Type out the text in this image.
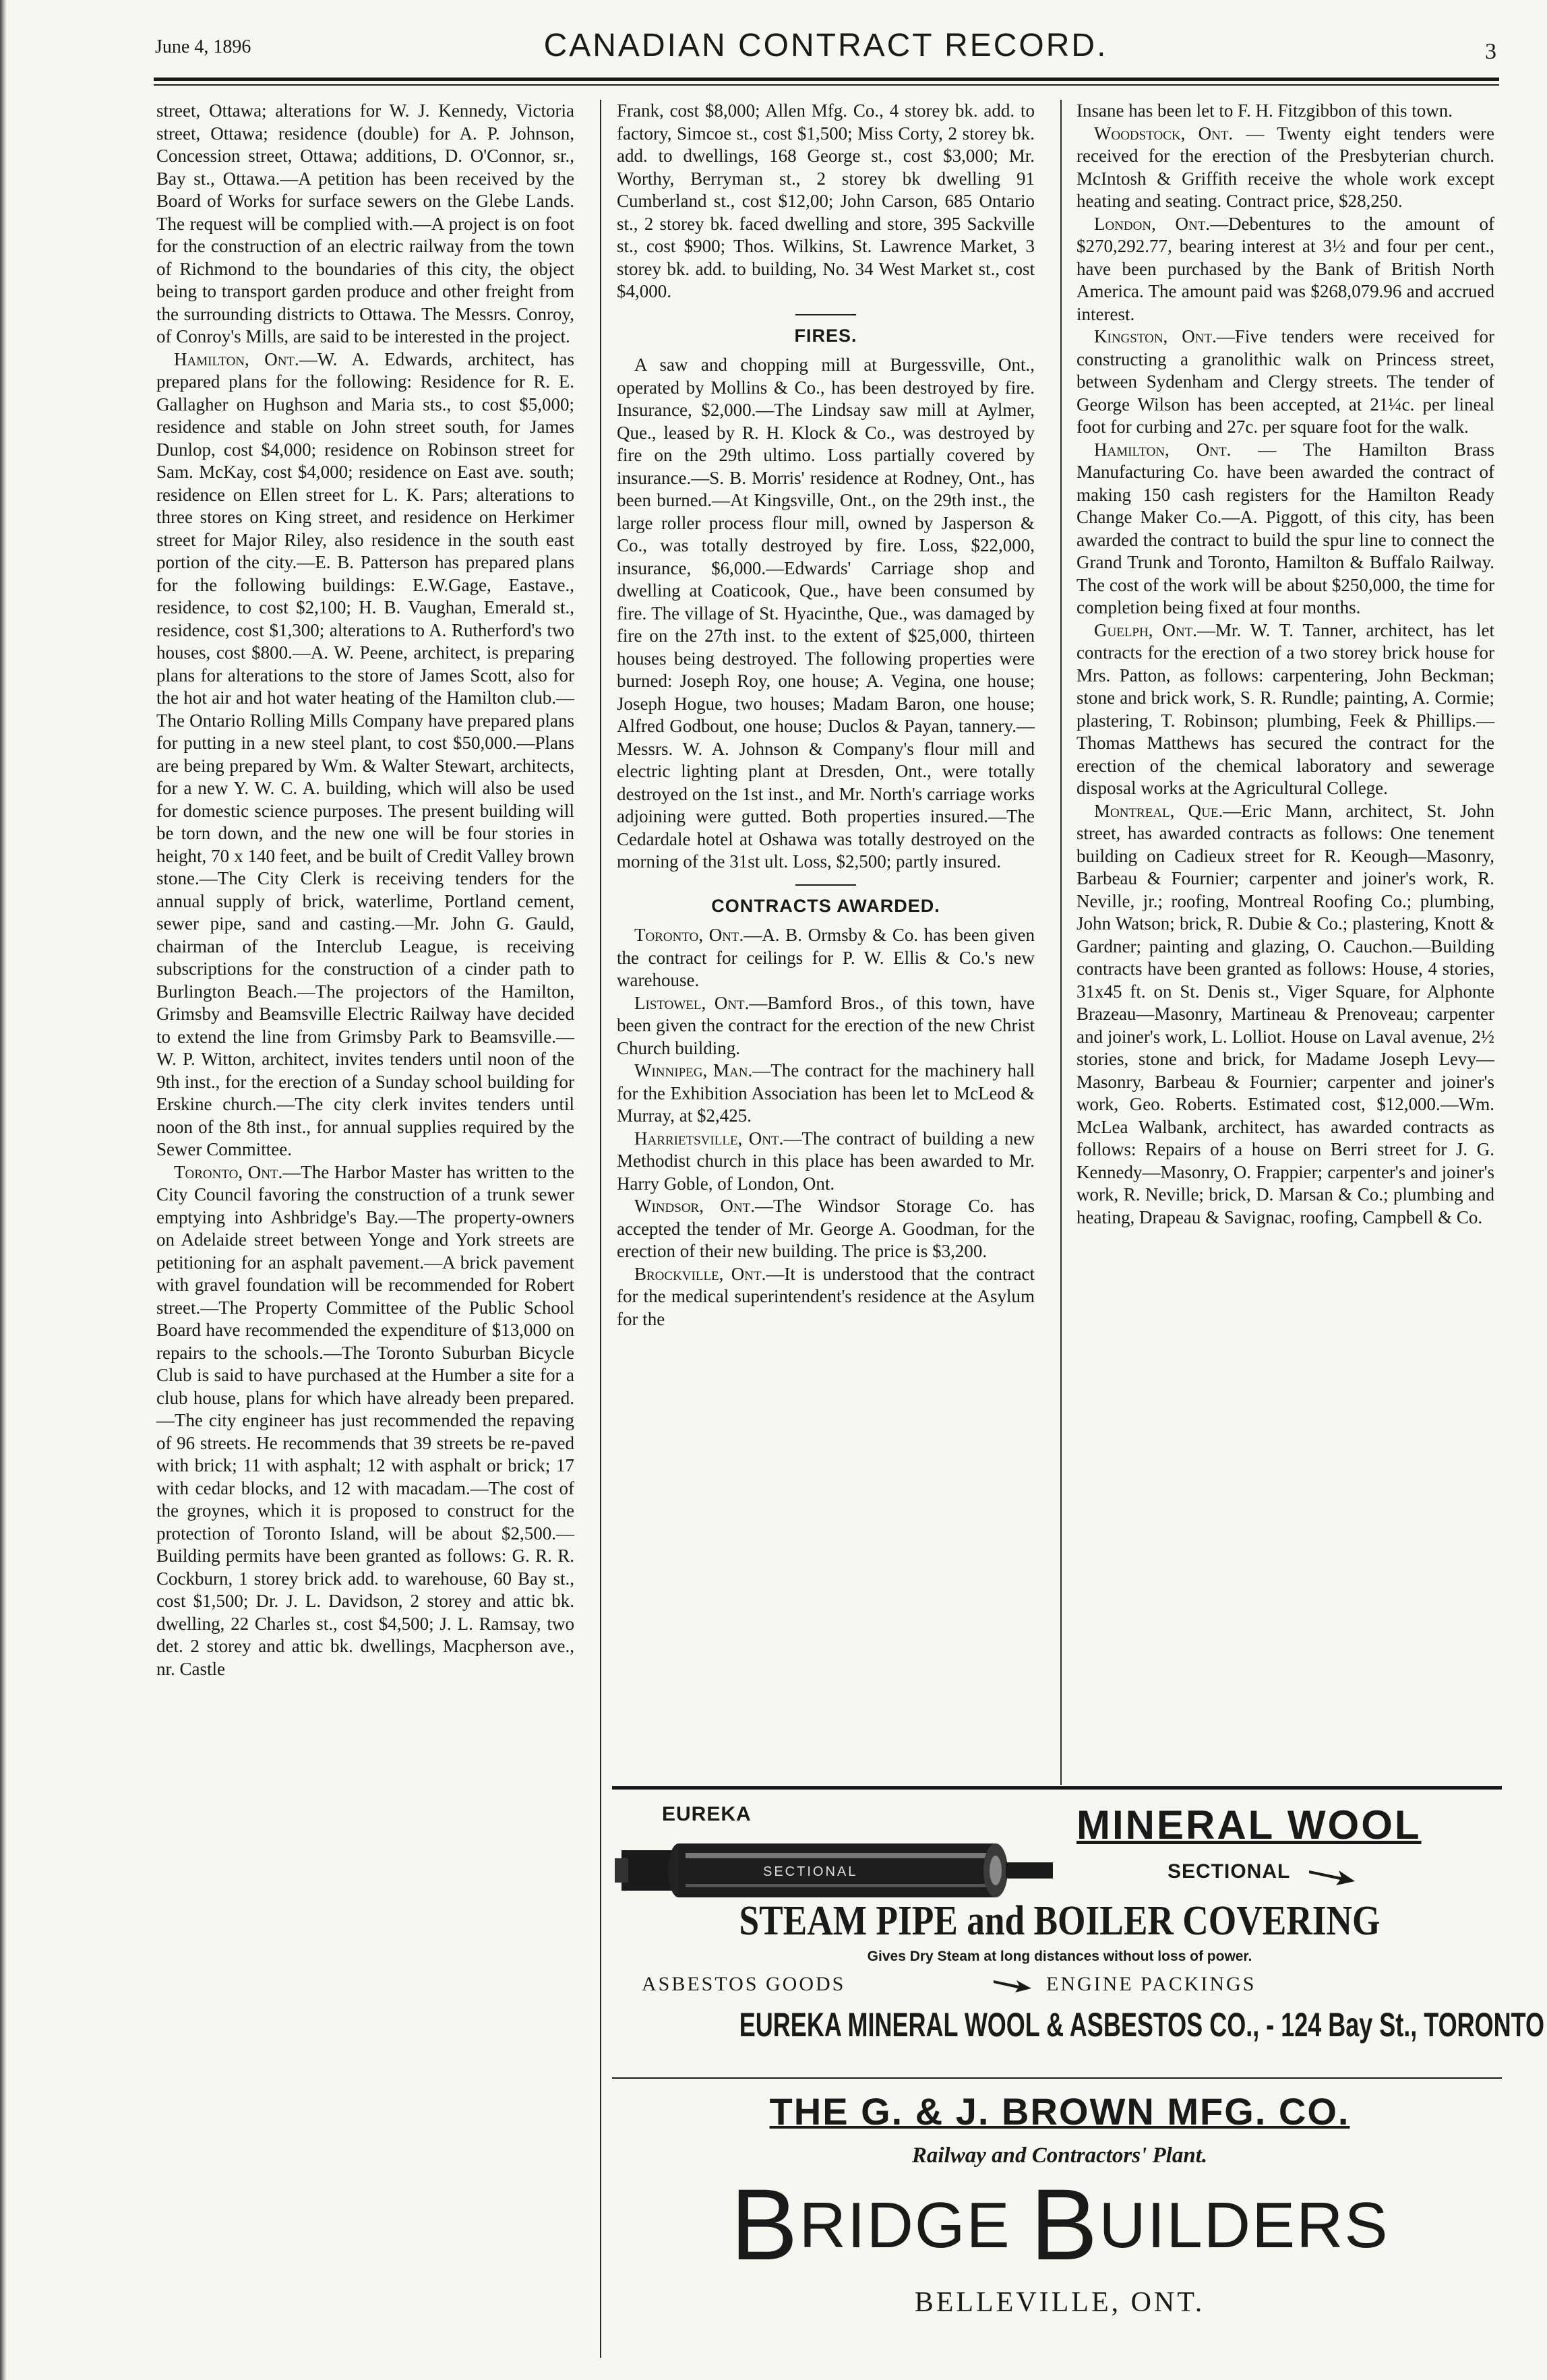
June 4, 1896	CANADIAN CONTRACT RECORD.	3

street, Ottawa; alterations for W. J. Kennedy, Victoria street, Ottawa; residence (double) for A. P. Johnson, Concession street, Ottawa; additions, D. O'Connor, sr., Bay st., Ottawa.—A petition has been received by the Board of Works for surface sewers on the Glebe Lands. The request will be complied with.—A project is on foot for the construction of an electric railway from the town of Richmond to the boundaries of this city, the object being to transport garden produce and other freight from the surrounding districts to Ottawa. The Messrs. Conroy, of Conroy's Mills, are said to be interested in the project.

Hamilton, Ont.—W. A. Edwards, architect, has prepared plans for the following: Residence for R. E. Gallagher on Hughson and Maria sts., to cost $5,000; residence and stable on John street south, for James Dunlop, cost $4,000; residence on Robinson street for Sam. McKay, cost $4,000; residence on East ave. south; residence on Ellen street for L. K. Pars; alterations to three stores on King street, and residence on Herkimer street for Major Riley, also residence in the south east portion of the city.—E. B. Patterson has prepared plans for the following buildings: E.W.Gage, Eastave., residence, to cost $2,100; H. B. Vaughan, Emerald st., residence, cost $1,300; alterations to A. Rutherford's two houses, cost $800.—A. W. Peene, architect, is preparing plans for alterations to the store of James Scott, also for the hot air and hot water heating of the Hamilton club.—The Ontario Rolling Mills Company have prepared plans for putting in a new steel plant, to cost $50,000.—Plans are being prepared by Wm. & Walter Stewart, architects, for a new Y. W. C. A. building, which will also be used for domestic science purposes. The present building will be torn down, and the new one will be four stories in height, 70 x 140 feet, and be built of Credit Valley brown stone.—The City Clerk is receiving tenders for the annual supply of brick, waterlime, Portland cement, sewer pipe, sand and casting.—Mr. John G. Gauld, chairman of the Interclub League, is receiving subscriptions for the construction of a cinder path to Burlington Beach.—The projectors of the Hamilton, Grimsby and Beamsville Electric Railway have decided to extend the line from Grimsby Park to Beamsville.—W. P. Witton, architect, invites tenders until noon of the 9th inst., for the erection of a Sunday school building for Erskine church.—The city clerk invites tenders until noon of the 8th inst., for annual supplies required by the Sewer Committee.

Toronto, Ont.—The Harbor Master has written to the City Council favoring the construction of a trunk sewer emptying into Ashbridge's Bay.—The property-owners on Adelaide street between Yonge and York streets are petitioning for an asphalt pavement.—A brick pavement with gravel foundation will be recommended for Robert street.—The Property Committee of the Public School Board have recommended the expenditure of $13,000 on repairs to the schools.—The Toronto Suburban Bicycle Club is said to have purchased at the Humber a site for a club house, plans for which have already been prepared.—The city engineer has just recommended the repaving of 96 streets. He recommends that 39 streets be re-paved with brick; 11 with asphalt; 12 with asphalt or brick; 17 with cedar blocks, and 12 with macadam.—The cost of the groynes, which it is proposed to construct for the protection of Toronto Island, will be about $2,500.—Building permits have been granted as follows: G. R. R. Cockburn, 1 storey brick add. to warehouse, 60 Bay st., cost $1,500; Dr. J. L. Davidson, 2 storey and attic bk. dwelling, 22 Charles st., cost $4,500; J. L. Ramsay, two det. 2 storey and attic bk. dwellings, Macpherson ave., nr. Castle

Frank, cost $8,000; Allen Mfg. Co., 4 storey bk. add. to factory, Simcoe st., cost $1,500; Miss Corty, 2 storey bk. add. to dwellings, 168 George st., cost $3,000; Mr. Worthy, Berryman st., 2 storey bk dwelling 91 Cumberland st., cost $12,00; John Carson, 685 Ontario st., 2 storey bk. faced dwelling and store, 395 Sackville st., cost $900; Thos. Wilkins, St. Lawrence Market, 3 storey bk. add. to building, No. 34 West Market st., cost $4,000.

FIRES.

A saw and chopping mill at Burgessville, Ont., operated by Mollins & Co., has been destroyed by fire. Insurance, $2,000.—The Lindsay saw mill at Aylmer, Que., leased by R. H. Klock & Co., was destroyed by fire on the 29th ultimo. Loss partially covered by insurance.—S. B. Morris' residence at Rodney, Ont., has been burned.—At Kingsville, Ont., on the 29th inst., the large roller process flour mill, owned by Jasperson & Co., was totally destroyed by fire. Loss, $22,000, insurance, $6,000.—Edwards' Carriage shop and dwelling at Coaticook, Que., have been consumed by fire. The village of St. Hyacinthe, Que., was damaged by fire on the 27th inst. to the extent of $25,000, thirteen houses being destroyed. The following properties were burned: Joseph Roy, one house; A. Vegina, one house; Joseph Hogue, two houses; Madam Baron, one house; Alfred Godbout, one house; Duclos & Payan, tannery.—Messrs. W. A. Johnson & Company's flour mill and electric lighting plant at Dresden, Ont., were totally destroyed on the 1st inst., and Mr. North's carriage works adjoining were gutted. Both properties insured.—The Cedardale hotel at Oshawa was totally destroyed on the morning of the 31st ult. Loss, $2,500; partly insured.

CONTRACTS AWARDED.

Toronto, Ont.—A. B. Ormsby & Co. has been given the contract for ceilings for P. W. Ellis & Co.'s new warehouse.

Listowel, Ont.—Bamford Bros., of this town, have been given the contract for the erection of the new Christ Church building.

Winnipeg, Man.—The contract for the machinery hall for the Exhibition Association has been let to McLeod & Murray, at $2,425.

Harrietsville, Ont.—The contract of building a new Methodist church in this place has been awarded to Mr. Harry Goble, of London, Ont.

Windsor, Ont.—The Windsor Storage Co. has accepted the tender of Mr. George A. Goodman, for the erection of their new building. The price is $3,200.

Brockville, Ont.—It is understood that the contract for the medical superintendent's residence at the Asylum for the

Insane has been let to F. H. Fitzgibbon of this town.

Woodstock, Ont. — Twenty eight tenders were received for the erection of the Presbyterian church. McIntosh & Griffith receive the whole work except heating and seating. Contract price, $28,250.

London, Ont.—Debentures to the amount of $270,292.77, bearing interest at 3½ and four per cent., have been purchased by the Bank of British North America. The amount paid was $268,079.96 and accrued interest.

Kingston, Ont.—Five tenders were received for constructing a granolithic walk on Princess street, between Sydenham and Clergy streets. The tender of George Wilson has been accepted, at 21¼c. per lineal foot for curbing and 27c. per square foot for the walk.

Hamilton, Ont. — The Hamilton Brass Manufacturing Co. have been awarded the contract of making 150 cash registers for the Hamilton Ready Change Maker Co.—A. Piggott, of this city, has been awarded the contract to build the spur line to connect the Grand Trunk and Toronto, Hamilton & Buffalo Railway. The cost of the work will be about $250,000, the time for completion being fixed at four months.

Guelph, Ont.—Mr. W. T. Tanner, architect, has let contracts for the erection of a two storey brick house for Mrs. Patton, as follows: carpentering, John Beckman; stone and brick work, S. R. Rundle; painting, A. Cormie; plastering, T. Robinson; plumbing, Feek & Phillips.—Thomas Matthews has secured the contract for the erection of the chemical laboratory and sewerage disposal works at the Agricultural College.

Montreal, Que.—Eric Mann, architect, St. John street, has awarded contracts as follows: One tenement building on Cadieux street for R. Keough—Masonry, Barbeau & Fournier; carpenter and joiner's work, R. Neville, jr.; roofing, Montreal Roofing Co.; plumbing, John Watson; brick, R. Dubie & Co.; plastering, Knott & Gardner; painting and glazing, O. Cauchon.—Building contracts have been granted as follows: House, 4 stories, 31x45 ft. on St. Denis st., Viger Square, for Alphonte Brazeau—Masonry, Martineau & Prenoveau; carpenter and joiner's work, L. Lolliot. House on Laval avenue, 2½ stories, stone and brick, for Madame Joseph Levy—Masonry, Barbeau & Fournier; carpenter and joiner's work, Geo. Roberts. Estimated cost, $12,000.—Wm. McLea Walbank, architect, has awarded contracts as follows: Repairs of a house on Berri street for J. G. Kennedy—Masonry, O. Frappier; carpenter's and joiner's work, R. Neville; brick, D. Marsan & Co.; plumbing and heating, Drapeau & Savignac, roofing, Campbell & Co.

EUREKA
SECTIONAL
MINERAL WOOL
SECTIONAL
STEAM PIPE and BOILER COVERING
Gives Dry Steam at long distances without loss of power.
ASBESTOS GOODS	ENGINE PACKINGS
EUREKA MINERAL WOOL & ASBESTOS CO., - 124 Bay St., TORONTO
THE G. & J. BROWN MFG. CO.
Railway and Contractors' Plant.
BRIDGE BUILDERS
BELLEVILLE, ONT.
